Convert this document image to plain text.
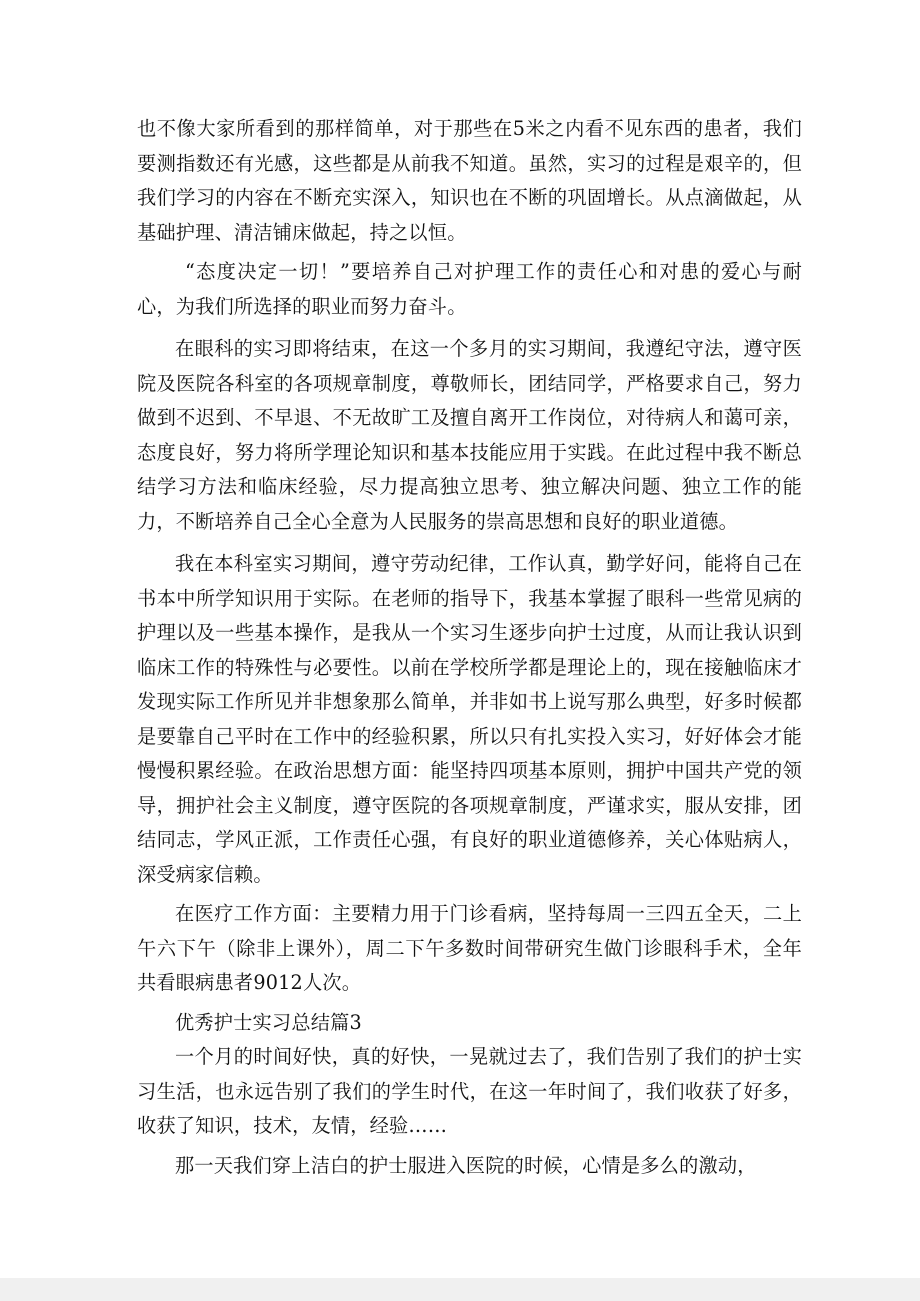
也不像大家所看到的那样简单，对于那些在5米之内看不见东西的患者，我们要测指数还有光感，这些都是从前我不知道。虽然，实习的过程是艰辛的，但我们学习的内容在不断充实深入，知识也在不断的巩固增长。从点滴做起，从基础护理、清洁铺床做起，持之以恒。

“态度决定一切！”要培养自己对护理工作的责任心和对患的爱心与耐心，为我们所选择的职业而努力奋斗。

在眼科的实习即将结束，在这一个多月的实习期间，我遵纪守法，遵守医院及医院各科室的各项规章制度，尊敬师长，团结同学，严格要求自己，努力做到不迟到、不早退、不无故旷工及擅自离开工作岗位，对待病人和蔼可亲，态度良好，努力将所学理论知识和基本技能应用于实践。在此过程中我不断总结学习方法和临床经验，尽力提高独立思考、独立解决问题、独立工作的能力，不断培养自己全心全意为人民服务的崇高思想和良好的职业道德。

我在本科室实习期间，遵守劳动纪律，工作认真，勤学好问，能将自己在书本中所学知识用于实际。在老师的指导下，我基本掌握了眼科一些常见病的护理以及一些基本操作，是我从一个实习生逐步向护士过度，从而让我认识到临床工作的特殊性与必要性。以前在学校所学都是理论上的，现在接触临床才发现实际工作所见并非想象那么简单，并非如书上说写那么典型，好多时候都是要靠自己平时在工作中的经验积累，所以只有扎实投入实习，好好体会才能慢慢积累经验。在政治思想方面：能坚持四项基本原则，拥护中国共产党的领导，拥护社会主义制度，遵守医院的各项规章制度，严谨求实，服从安排，团结同志，学风正派，工作责任心强，有良好的职业道德修养，关心体贴病人，深受病家信赖。

在医疗工作方面：主要精力用于门诊看病，坚持每周一三四五全天，二上午六下午（除非上课外），周二下午多数时间带研究生做门诊眼科手术，全年共看眼病患者9012人次。

优秀护士实习总结篇3

一个月的时间好快，真的好快，一晃就过去了，我们告别了我们的护士实习生活，也永远告别了我们的学生时代，在这一年时间了，我们收获了好多，收获了知识，技术，友情，经验……

那一天我们穿上洁白的护士服进入医院的时候，心情是多么的激动，
